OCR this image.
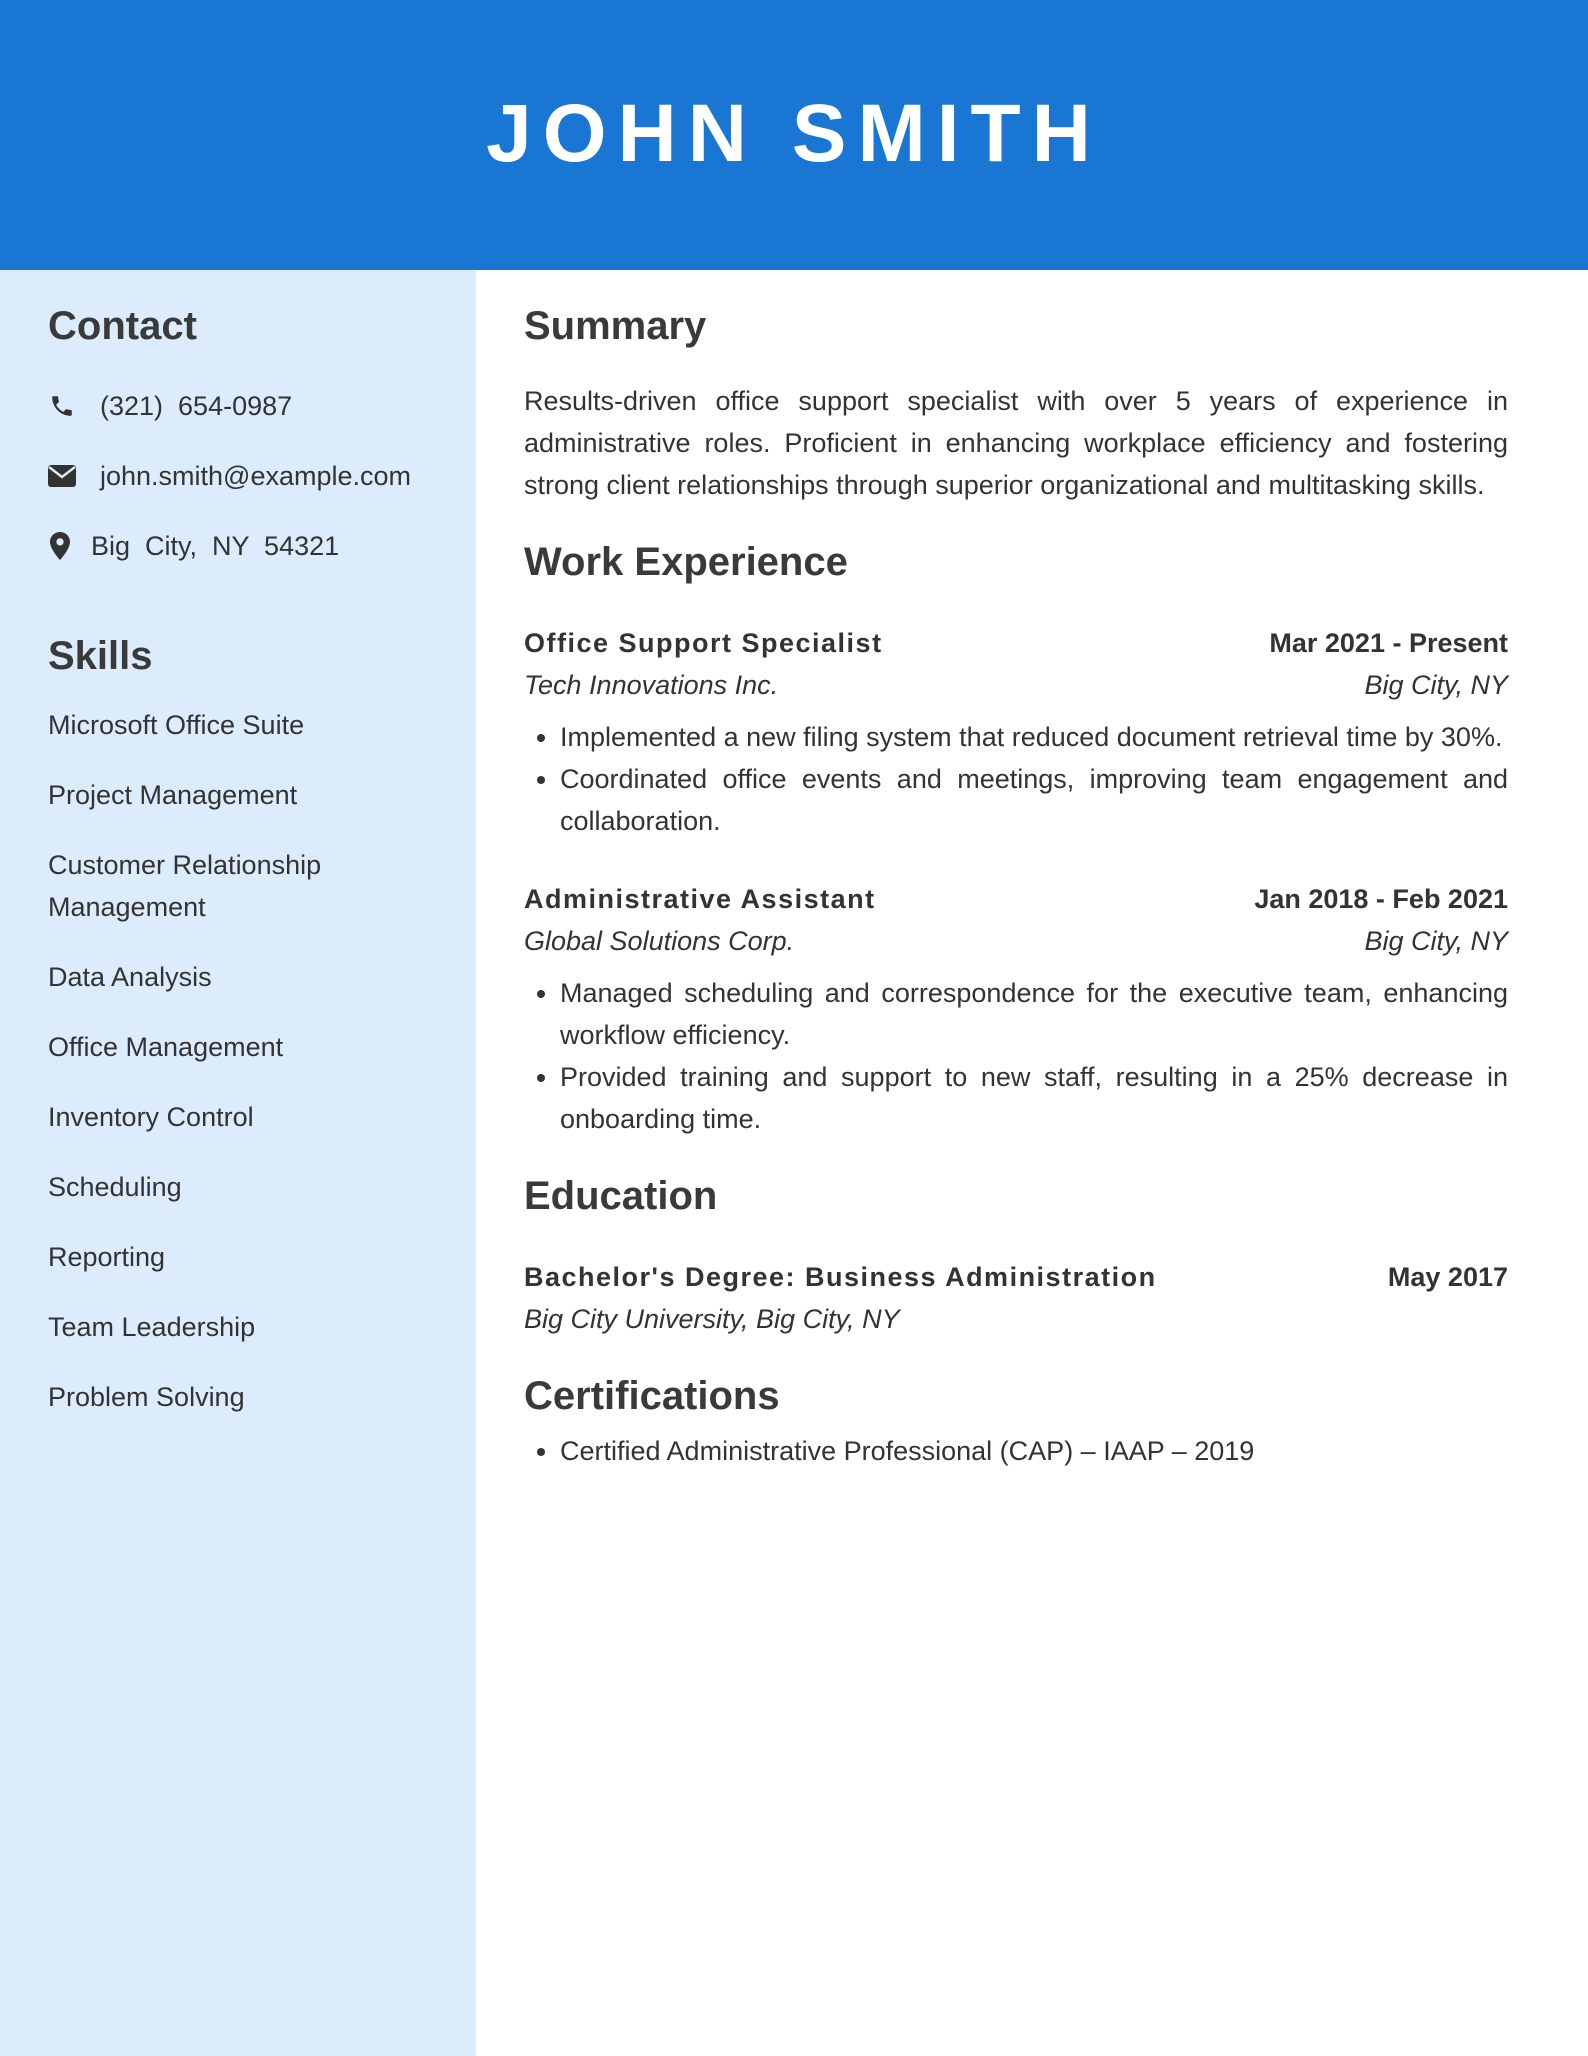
JOHN SMITH
Contact
(321)  654-0987
john.smith@example.com
Big  City,  NY  54321
Skills
Microsoft Office Suite
Project Management
Customer Relationship Management
Data Analysis
Office Management
Inventory Control
Scheduling
Reporting
Team Leadership
Problem Solving
Summary

Results-driven office support specialist with over 5 years of experience in administrative roles. Proficient in enhancing workplace efficiency and fostering strong client relationships through superior organizational and multitasking skills.

Work Experience
Office Support Specialist	Mar 2021 - Present
Tech Innovations Inc.	Big City, NY
• Implemented a new filing system that reduced document retrieval time by 30%.
• Coordinated office events and meetings, improving team engagement and collaboration.
Administrative Assistant	Jan 2018 - Feb 2021
Global Solutions Corp.	Big City, NY
• Managed scheduling and correspondence for the executive team, enhancing workflow efficiency.
• Provided training and support to new staff, resulting in a 25% decrease in onboarding time.
Education
Bachelor's Degree: Business Administration	May 2017
Big City University, Big City, NY
Certifications
• Certified Administrative Professional (CAP) – IAAP – 2019
